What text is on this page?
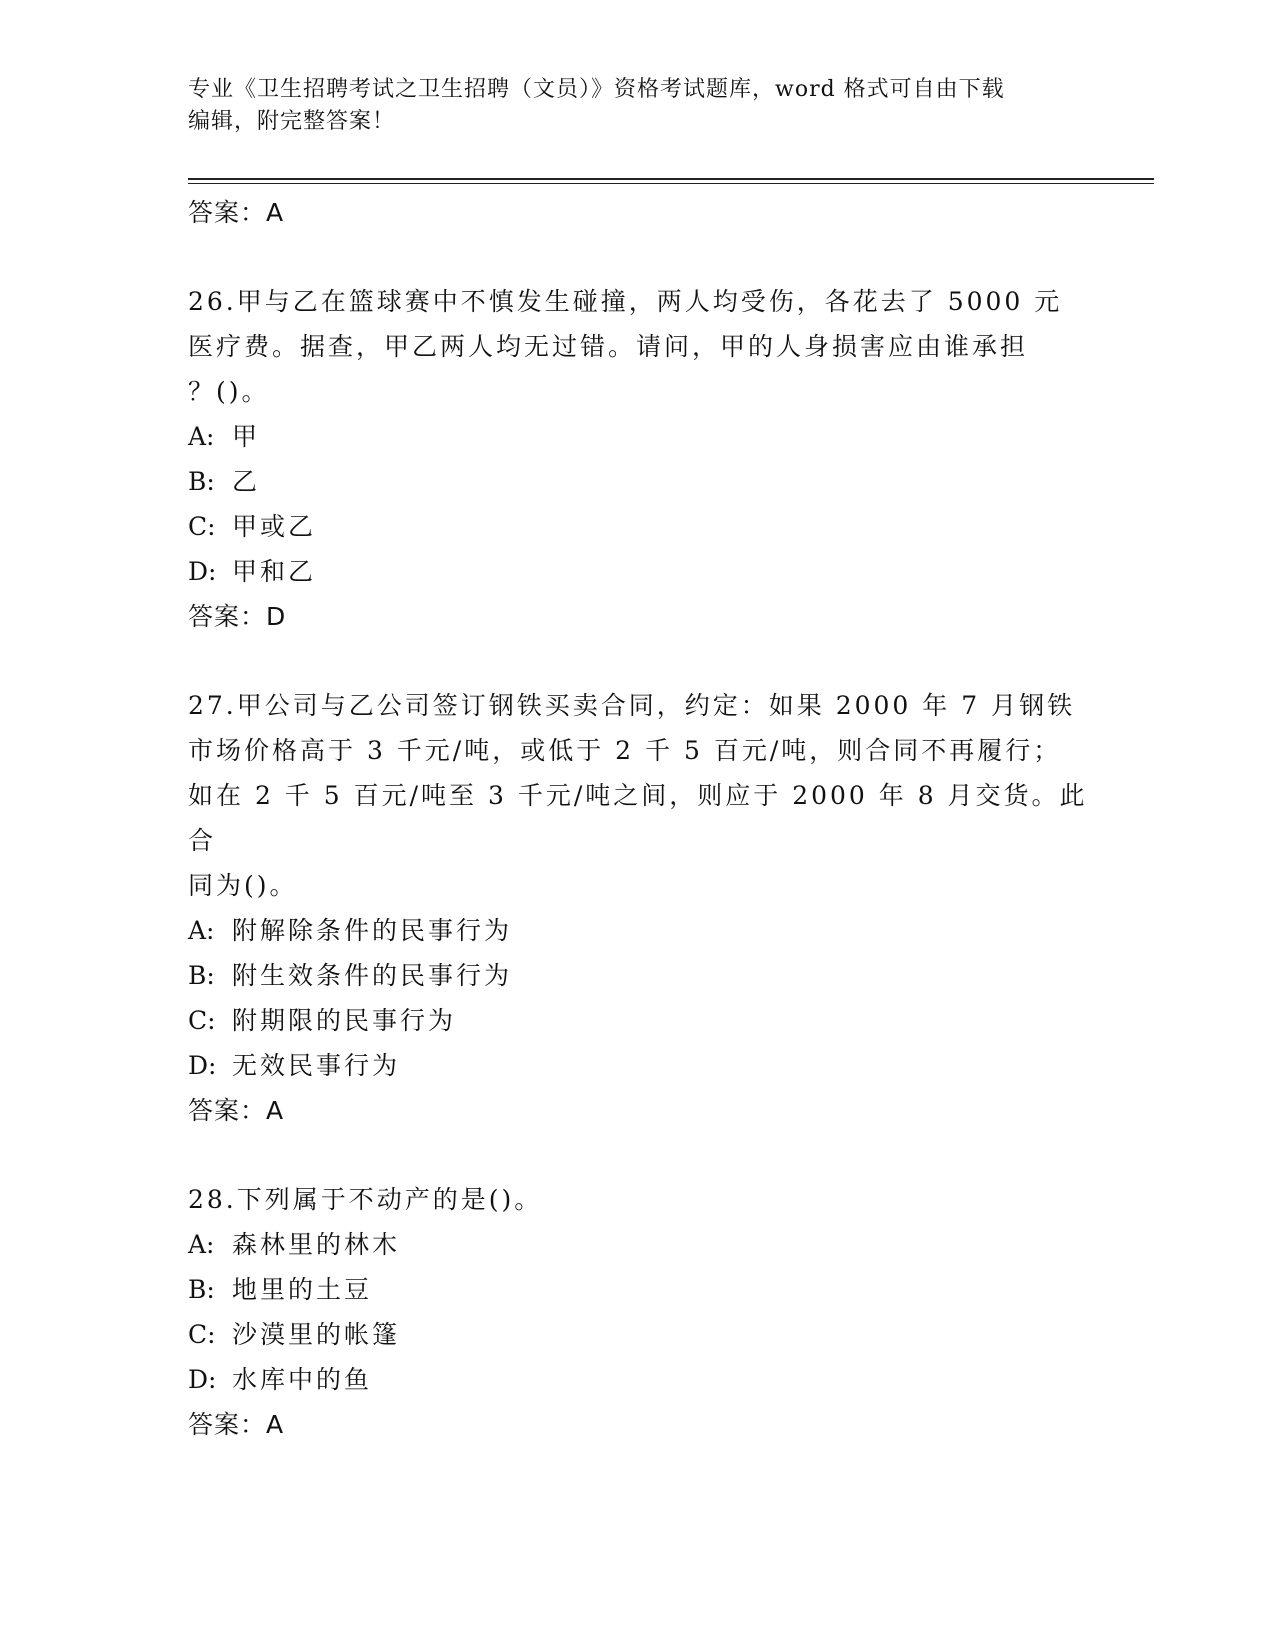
专业《卫生招聘考试之卫生招聘（文员）》资格考试题库，word 格式可自由下载
编辑，附完整答案！
答案：A
26.甲与乙在篮球赛中不慎发生碰撞，两人均受伤，各花去了 5000 元
医疗费。据查，甲乙两人均无过错。请问，甲的人身损害应由谁承担
？()。
A: 甲
B: 乙
C: 甲或乙
D: 甲和乙
答案：D
27.甲公司与乙公司签订钢铁买卖合同，约定：如果 2000 年 7 月钢铁
市场价格高于 3 千元/吨，或低于 2 千 5 百元/吨，则合同不再履行；
如在 2 千 5 百元/吨至 3 千元/吨之间，则应于 2000 年 8 月交货。此合
同为()。
A: 附解除条件的民事行为
B: 附生效条件的民事行为
C: 附期限的民事行为
D: 无效民事行为
答案：A
28.下列属于不动产的是()。
A: 森林里的林木
B: 地里的土豆
C: 沙漠里的帐篷
D: 水库中的鱼
答案：A
